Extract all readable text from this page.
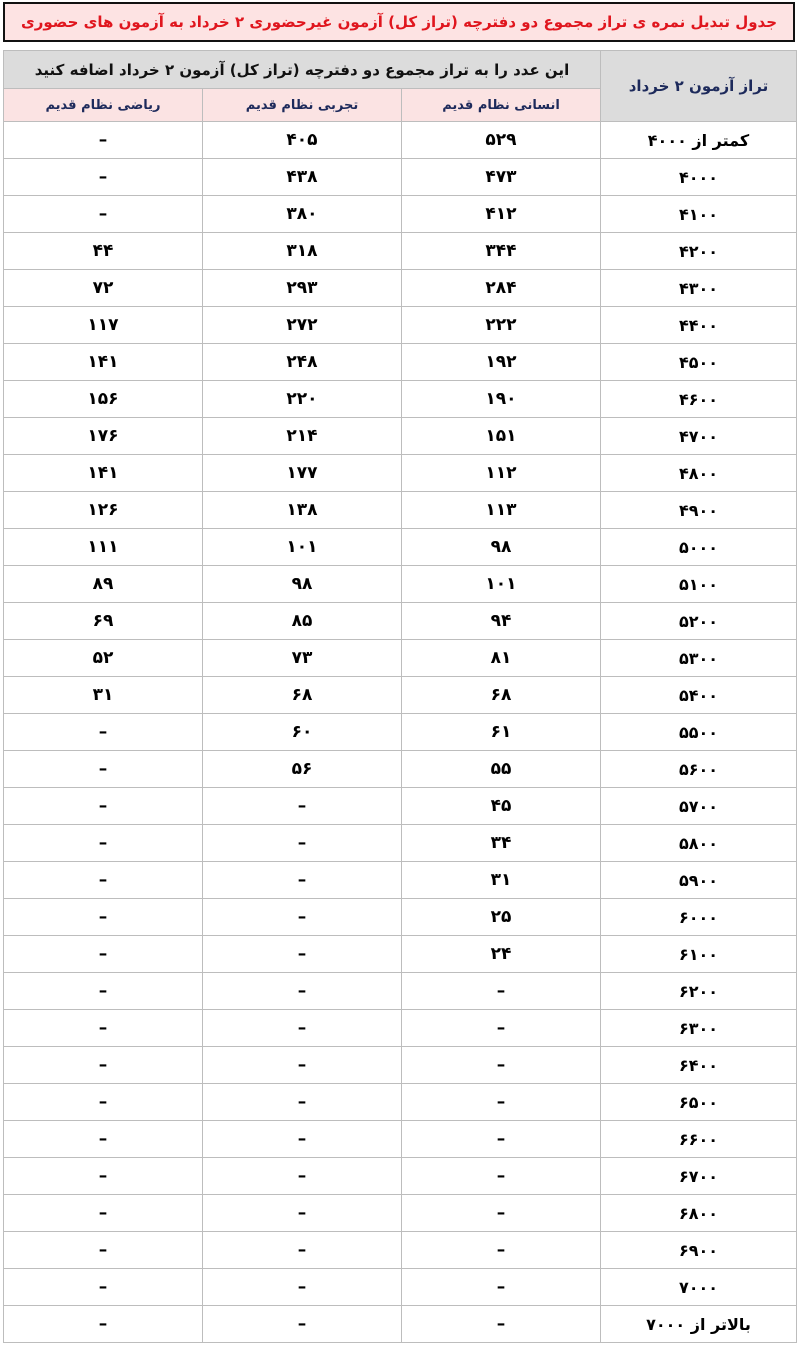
جدول تبدیل نمره ی تراز مجموع دو دفترچه (تراز کل) آزمون غیرحضوری ۲ خرداد به آزمون های حضوری
تراز آزمون ۲ خرداد	این عدد را به تراز مجموع دو دفترچه (تراز کل) آزمون ۲ خرداد اضافه کنید		
	انسانی نظام قدیم	تجربی نظام قدیم	ریاضی نظام قدیم
کمتر از ۴۰۰۰	۵۲۹	۴۰۵	–
۴۰۰۰	۴۷۳	۴۳۸	–
۴۱۰۰	۴۱۲	۳۸۰	–
۴۲۰۰	۳۴۴	۳۱۸	۴۴
۴۳۰۰	۲۸۴	۲۹۳	۷۲
۴۴۰۰	۲۲۲	۲۷۲	۱۱۷
۴۵۰۰	۱۹۲	۲۴۸	۱۴۱
۴۶۰۰	۱۹۰	۲۲۰	۱۵۶
۴۷۰۰	۱۵۱	۲۱۴	۱۷۶
۴۸۰۰	۱۱۲	۱۷۷	۱۴۱
۴۹۰۰	۱۱۳	۱۳۸	۱۲۶
۵۰۰۰	۹۸	۱۰۱	۱۱۱
۵۱۰۰	۱۰۱	۹۸	۸۹
۵۲۰۰	۹۴	۸۵	۶۹
۵۳۰۰	۸۱	۷۳	۵۲
۵۴۰۰	۶۸	۶۸	۳۱
۵۵۰۰	۶۱	۶۰	–
۵۶۰۰	۵۵	۵۶	–
۵۷۰۰	۴۵	–	–
۵۸۰۰	۳۴	–	–
۵۹۰۰	۳۱	–	–
۶۰۰۰	۲۵	–	–
۶۱۰۰	۲۴	–	–
۶۲۰۰	–	–	–
۶۳۰۰	–	–	–
۶۴۰۰	–	–	–
۶۵۰۰	–	–	–
۶۶۰۰	–	–	–
۶۷۰۰	–	–	–
۶۸۰۰	–	–	–
۶۹۰۰	–	–	–
۷۰۰۰	–	–	–
بالاتر از ۷۰۰۰	–	–	–
